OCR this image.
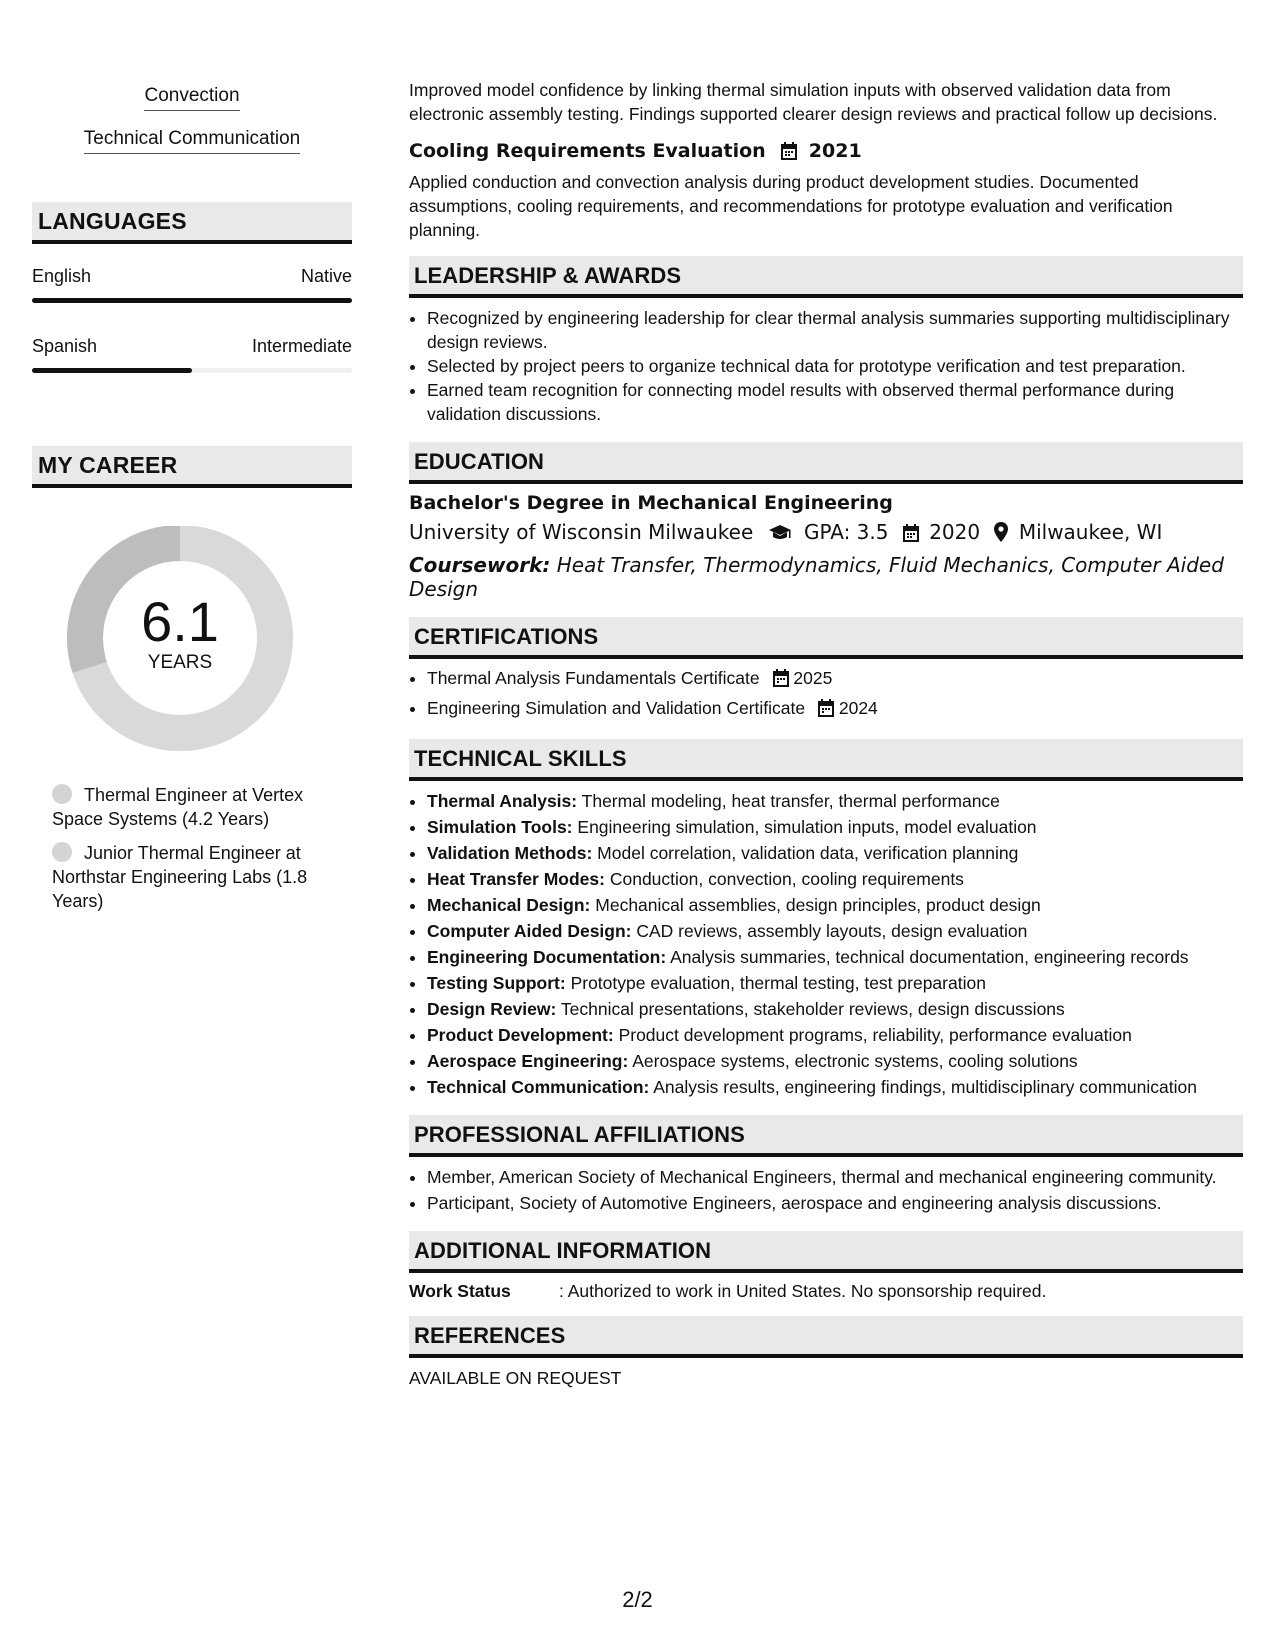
Convection
Technical Communication
LANGUAGES
English	Native
Spanish	Intermediate
MY CAREER
6.1
YEARS
Thermal Engineer at Vertex Space Systems (4.2 Years)
Junior Thermal Engineer at Northstar Engineering Labs (1.8 Years)

Improved model confidence by linking thermal simulation inputs with observed validation data from electronic assembly testing. Findings supported clearer design reviews and practical follow up decisions.

Cooling Requirements Evaluation 2021

Applied conduction and convection analysis during product development studies. Documented assumptions, cooling requirements, and recommendations for prototype evaluation and verification planning.

LEADERSHIP & AWARDS
• Recognized by engineering leadership for clear thermal analysis summaries supporting multidisciplinary design reviews.
• Selected by project peers to organize technical data for prototype verification and test preparation.
• Earned team recognition for connecting model results with observed thermal performance during validation discussions.
EDUCATION
Bachelor's Degree in Mechanical Engineering
University of Wisconsin Milwaukee	GPA: 3.5 2020 Milwaukee, WI
Coursework: Heat Transfer, Thermodynamics, Fluid Mechanics, Computer Aided Design
CERTIFICATIONS
• Thermal Analysis Fundamentals Certificate 2025
• Engineering Simulation and Validation Certificate 2024
TECHNICAL SKILLS
• Thermal Analysis: Thermal modeling, heat transfer, thermal performance
• Simulation Tools: Engineering simulation, simulation inputs, model evaluation
• Validation Methods: Model correlation, validation data, verification planning
• Heat Transfer Modes: Conduction, convection, cooling requirements
• Mechanical Design: Mechanical assemblies, design principles, product design
• Computer Aided Design: CAD reviews, assembly layouts, design evaluation
• Engineering Documentation: Analysis summaries, technical documentation, engineering records
• Testing Support: Prototype evaluation, thermal testing, test preparation
• Design Review: Technical presentations, stakeholder reviews, design discussions
• Product Development: Product development programs, reliability, performance evaluation
• Aerospace Engineering: Aerospace systems, electronic systems, cooling solutions
• Technical Communication: Analysis results, engineering findings, multidisciplinary communication
PROFESSIONAL AFFILIATIONS
• Member, American Society of Mechanical Engineers, thermal and mechanical engineering community.
• Participant, Society of Automotive Engineers, aerospace and engineering analysis discussions.
ADDITIONAL INFORMATION
Work Status	: Authorized to work in United States. No sponsorship required.
REFERENCES
AVAILABLE ON REQUEST
2/2
